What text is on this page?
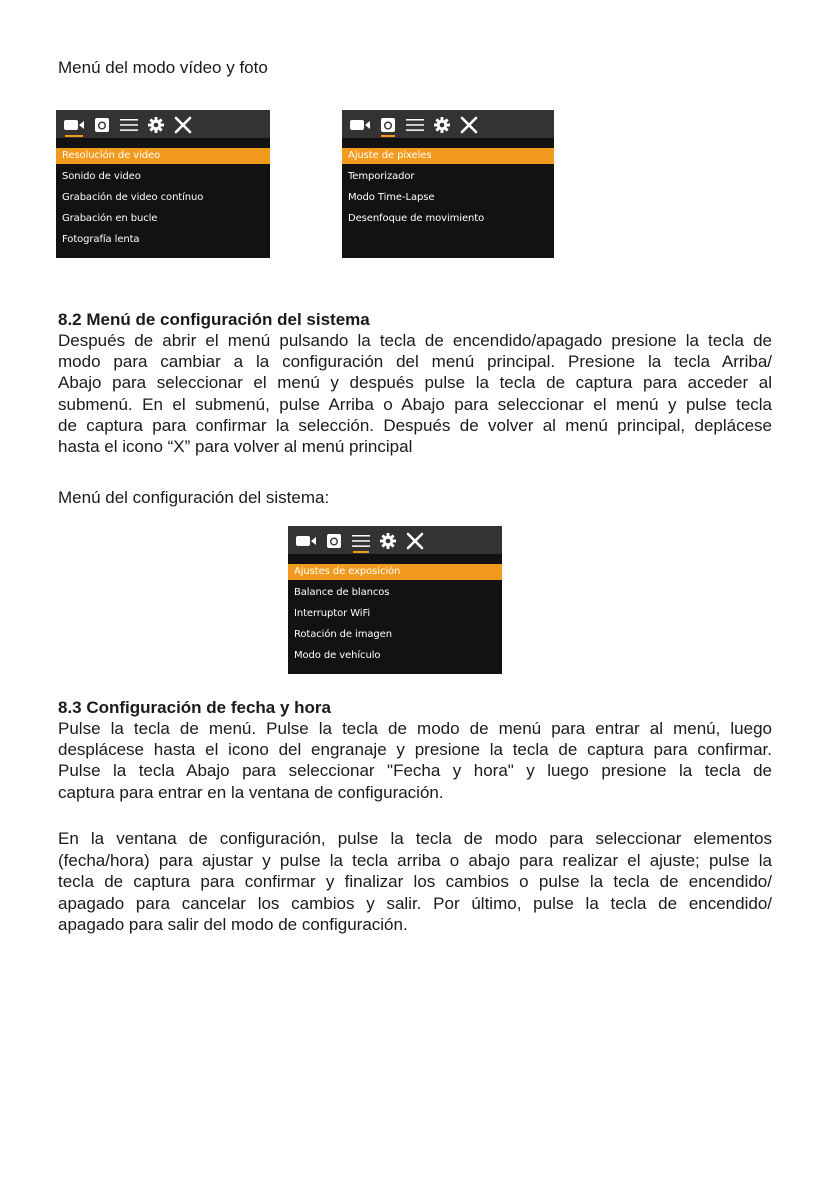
Menú del modo vídeo y foto
Resolución de video
Sonido de video
Grabación de video contínuo
Grabación en bucle
Fotografía lenta
Ajuste de pixeles
Temporizador
Modo Time-Lapse
Desenfoque de movimiento
8.2 Menú de configuración del sistema
Después de abrir el menú pulsando la tecla de encendido/apagado presione la tecla de
modo para cambiar a la configuración del menú principal. Presione la tecla Arriba/
Abajo para seleccionar el menú y después pulse la tecla de captura para acceder al
submenú. En el submenú, pulse Arriba o Abajo para seleccionar el menú y pulse tecla
de captura para confirmar la selección. Después de volver al menú principal, deplácese
hasta el icono “X” para volver al menú principal
Menú del configuración del sistema:
Ajustes de exposición
Balance de blancos
Interruptor WiFi
Rotación de imagen
Modo de vehículo
8.3 Configuración de fecha y hora
Pulse la tecla de menú. Pulse la tecla de modo de menú para entrar al menú, luego
desplácese hasta el icono del engranaje y presione la tecla de captura para confirmar.
Pulse la tecla Abajo para seleccionar "Fecha y hora" y luego presione la tecla de
captura para entrar en la ventana de configuración.
En la ventana de configuración, pulse la tecla de modo para seleccionar elementos
(fecha/hora) para ajustar y pulse la tecla arriba o abajo para realizar el ajuste; pulse la
tecla de captura para confirmar y finalizar los cambios o pulse la tecla de encendido/
apagado para cancelar los cambios y salir. Por último, pulse la tecla de encendido/
apagado para salir del modo de configuración.
